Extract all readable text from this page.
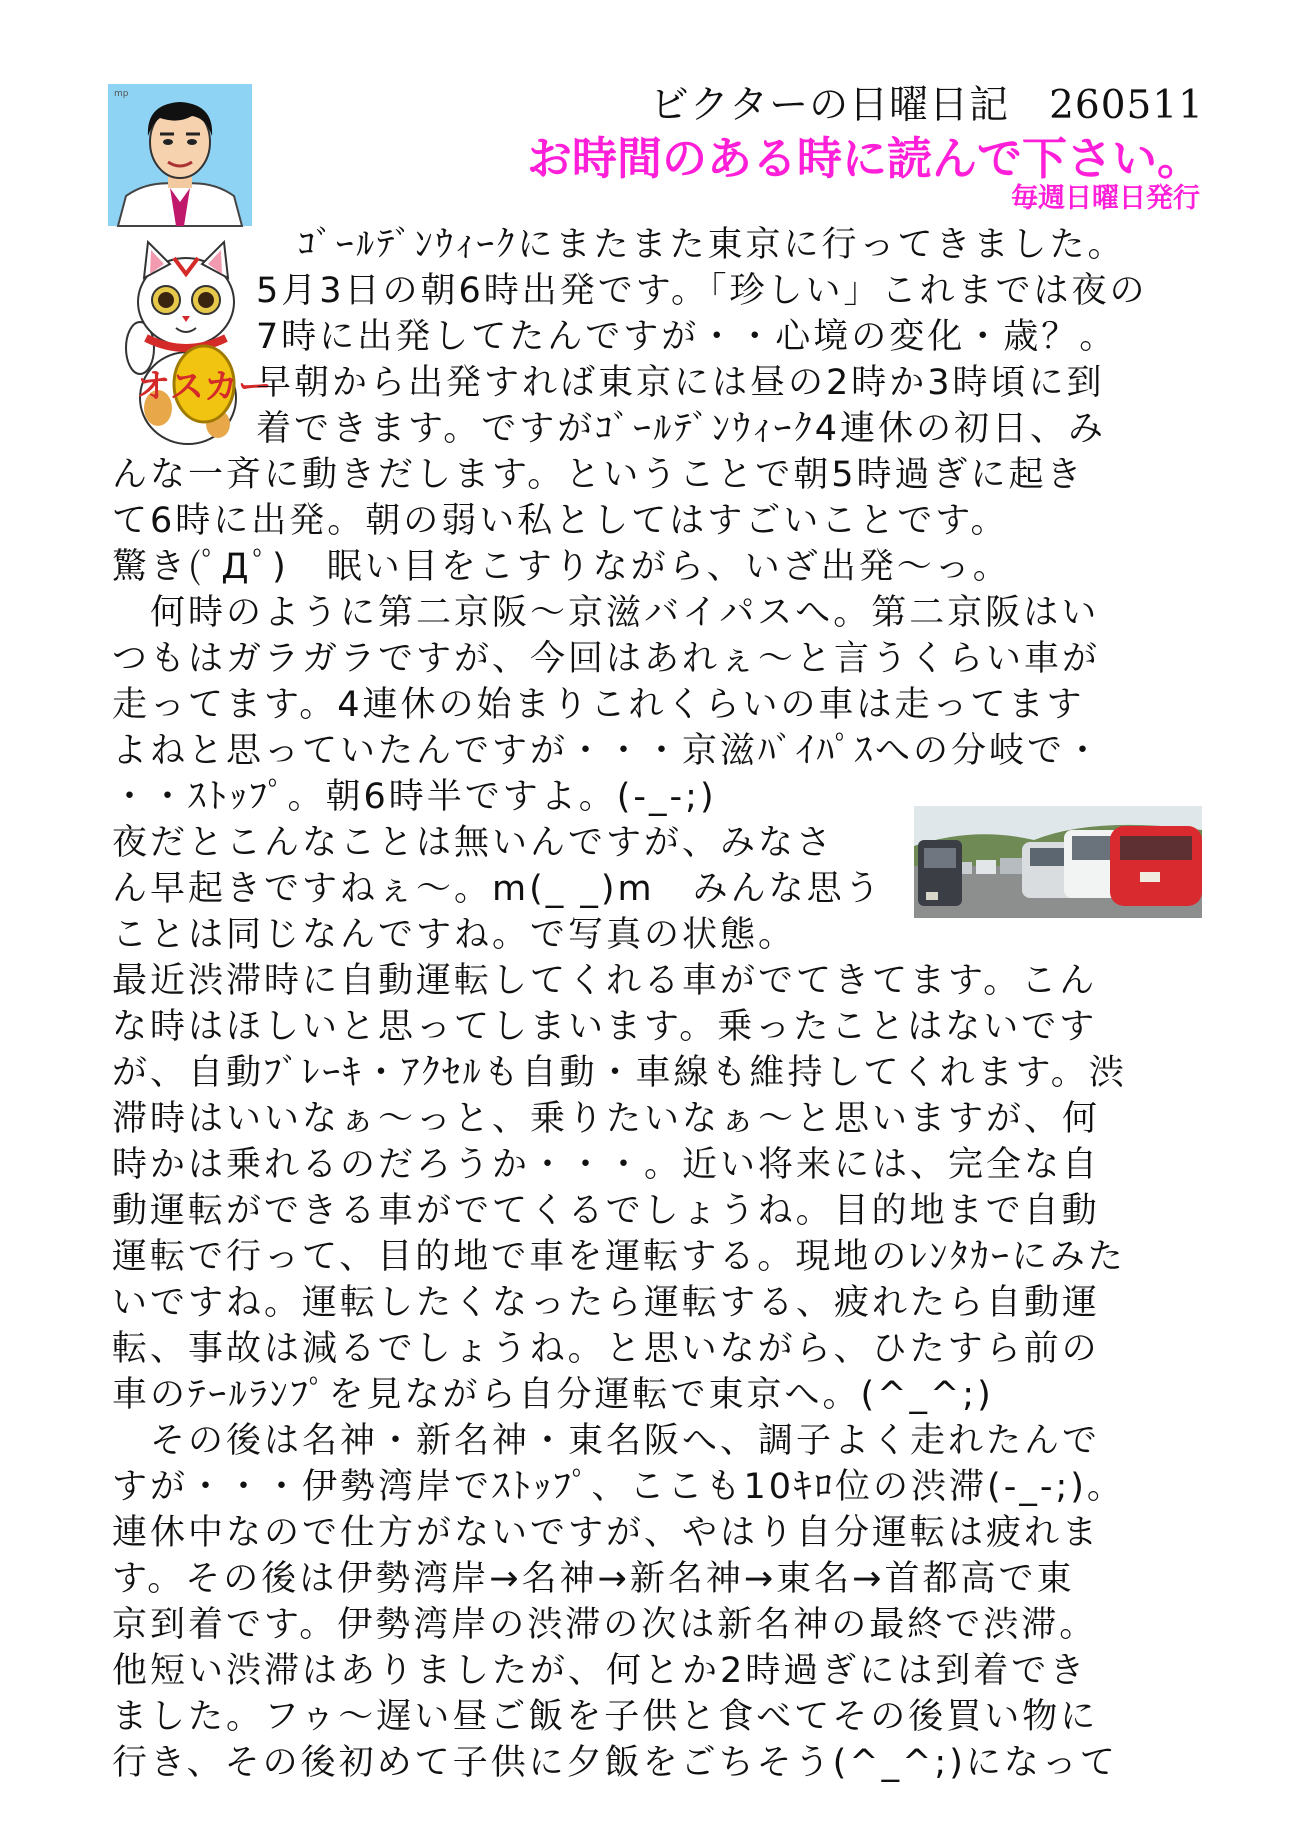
mp	ビクターの日曜日記　260511
お時間のある時に読んで下さい。
毎週日曜日発行
オスカー
　　ｺﾞｰﾙﾃﾞﾝｳｨｰｸにまたまた東京に行ってきました。
5月3日の朝6時出発です。「珍しい」これまでは夜の
7時に出発してたんですが・・心境の変化・歳？。
早朝から出発すれば東京には昼の2時か3時頃に到
着できます。ですがｺﾞｰﾙﾃﾞﾝｳｨｰｸ4連休の初日、み
んな一斉に動きだします。ということで朝5時過ぎに起き
て6時に出発。朝の弱い私としてはすごいことです。
驚き(ﾟДﾟ)　眠い目をこすりながら、いざ出発～っ。
　何時のように第二京阪～京滋バイパスへ。第二京阪はい
つもはガラガラですが、今回はあれぇ～と言うくらい車が
走ってます。4連休の始まりこれくらいの車は走ってます
よねと思っていたんですが・・・京滋ﾊﾞｲﾊﾟｽへの分岐で・
・・ｽﾄｯﾌﾟ。朝6時半ですよ。(-_-;)
夜だとこんなことは無いんですが、みなさ
ん早起きですねぇ～。m(_ _)m　みんな思う
ことは同じなんですね。で写真の状態。
最近渋滞時に自動運転してくれる車がでてきてます。こん
な時はほしいと思ってしまいます。乗ったことはないです
が、自動ﾌﾞﾚｰｷ・ｱｸｾﾙも自動・車線も維持してくれます。渋
滞時はいいなぁ～っと、乗りたいなぁ～と思いますが、何
時かは乗れるのだろうか・・・。近い将来には、完全な自
動運転ができる車がでてくるでしょうね。目的地まで自動
運転で行って、目的地で車を運転する。現地のﾚﾝﾀｶｰにみた
いですね。運転したくなったら運転する、疲れたら自動運
転、事故は減るでしょうね。と思いながら、ひたすら前の
車のﾃｰﾙﾗﾝﾌﾟを見ながら自分運転で東京へ。(^_^;)
　その後は名神・新名神・東名阪へ、調子よく走れたんで
すが・・・伊勢湾岸でｽﾄｯﾌﾟ、ここも10ｷﾛ位の渋滞(-_-;)。
連休中なので仕方がないですが、やはり自分運転は疲れま
す。その後は伊勢湾岸→名神→新名神→東名→首都高で東
京到着です。伊勢湾岸の渋滞の次は新名神の最終で渋滞。
他短い渋滞はありましたが、何とか2時過ぎには到着でき
ました。フゥ～遅い昼ご飯を子供と食べてその後買い物に
行き、その後初めて子供に夕飯をごちそう(^_^;)になって
